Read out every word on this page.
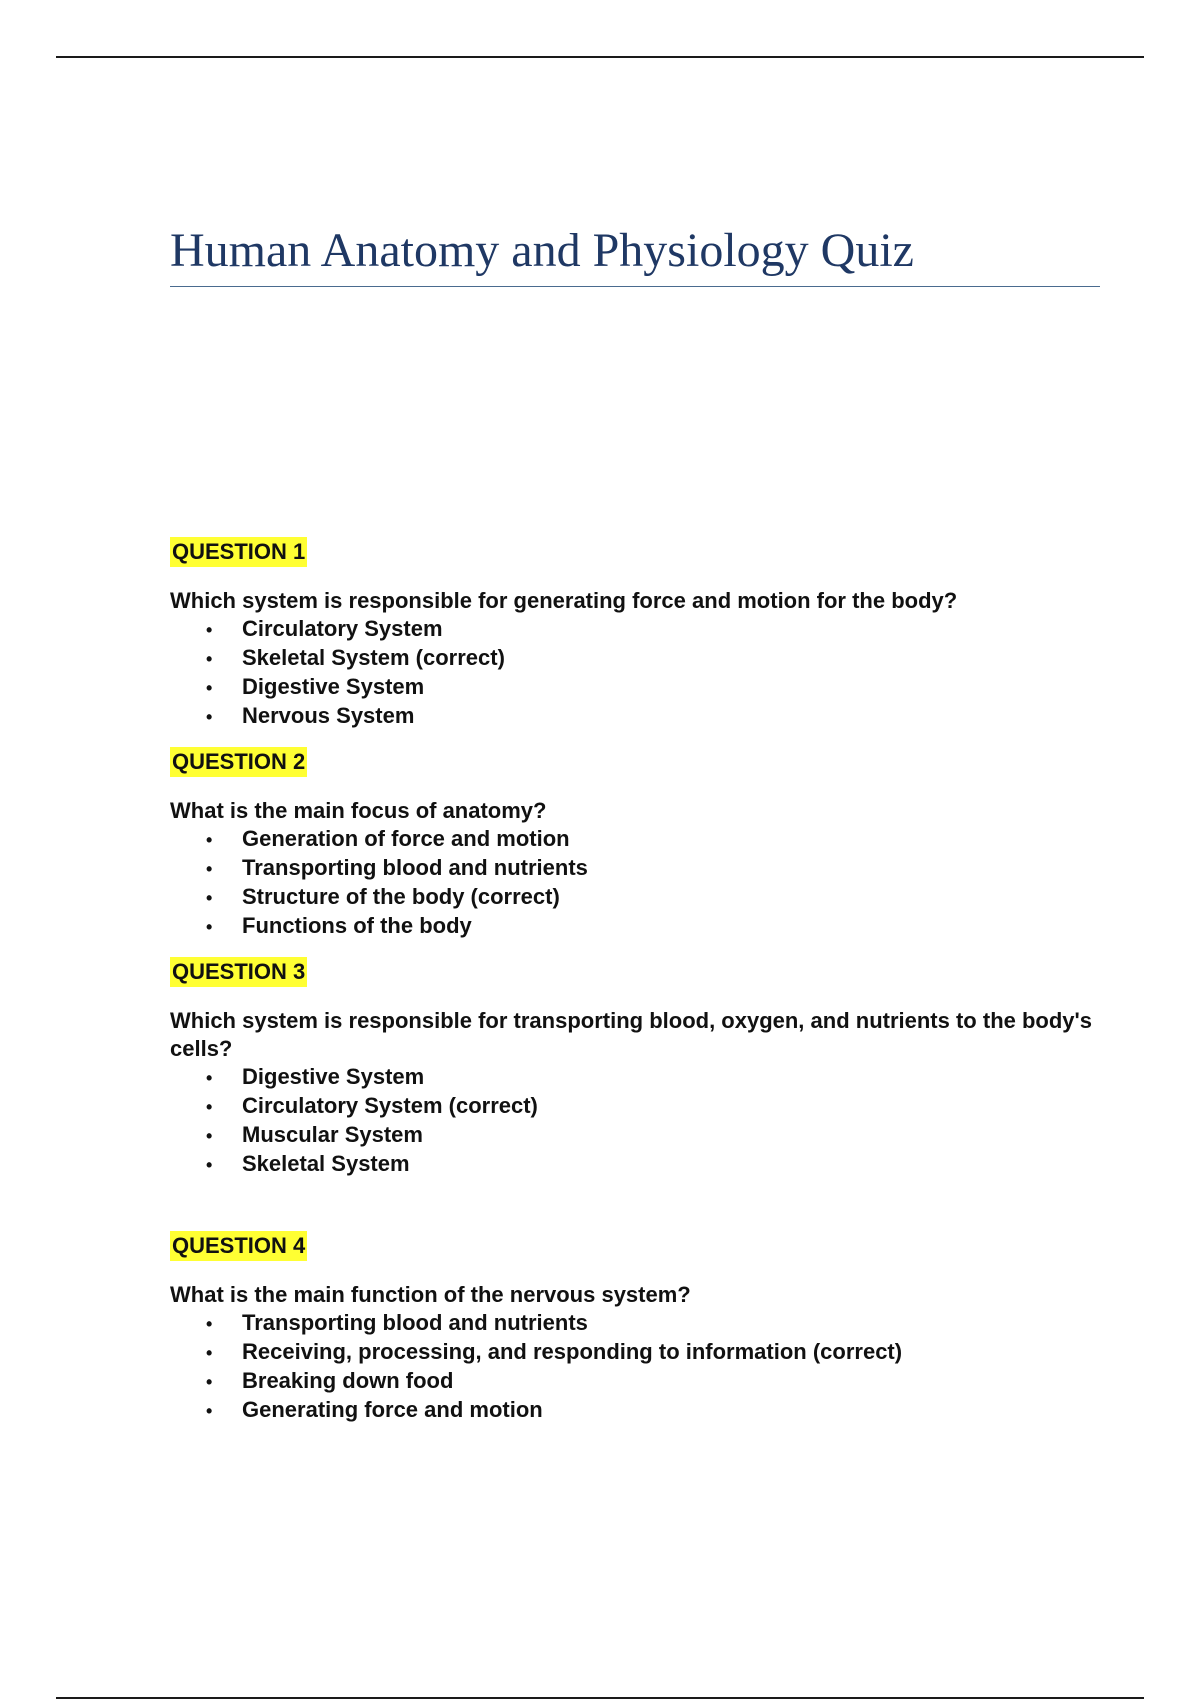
Human Anatomy and Physiology Quiz
QUESTION 1

Which system is responsible for generating force and motion for the body?

•	Circulatory System
•	Skeletal System (correct)
•	Digestive System
•	Nervous System
QUESTION 2

What is the main focus of anatomy?

•	Generation of force and motion
•	Transporting blood and nutrients
•	Structure of the body (correct)
•	Functions of the body
QUESTION 3

Which system is responsible for transporting blood, oxygen, and nutrients to the body's cells?

•	Digestive System
•	Circulatory System (correct)
•	Muscular System
•	Skeletal System
QUESTION 4

What is the main function of the nervous system?

•	Transporting blood and nutrients
•	Receiving, processing, and responding to information (correct)
•	Breaking down food
•	Generating force and motion
